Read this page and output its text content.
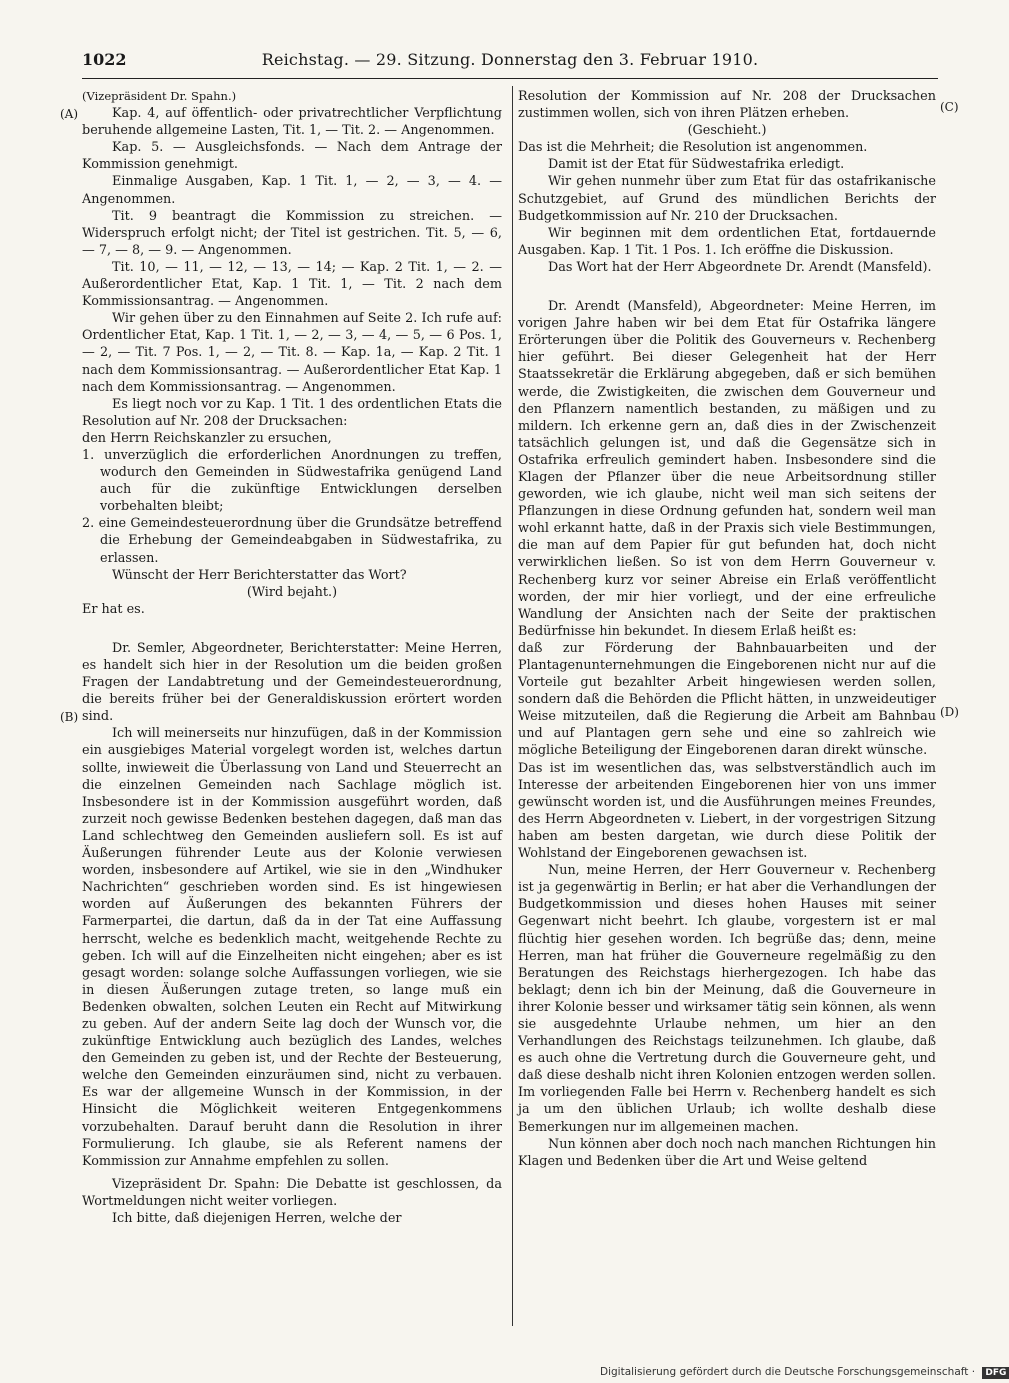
1022	Reichstag. — 29. Sitzung. Donnerstag den 3. Februar 1910.
(A)
(B)
(C)
(D)

(Vizepräsident Dr. Spahn.)

Kap. 4, auf öffentlich- oder privatrechtlicher Verpflichtung beruhende allgemeine Lasten, Tit. 1, — Tit. 2. — Angenommen.

Kap. 5. — Ausgleichsfonds. — Nach dem Antrage der Kommission genehmigt.

Einmalige Ausgaben, Kap. 1 Tit. 1, — 2, — 3, — 4. — Angenommen.

Tit. 9 beantragt die Kommission zu streichen. — Widerspruch erfolgt nicht; der Titel ist gestrichen. Tit. 5, — 6, — 7, — 8, — 9. — Angenommen.

Tit. 10, — 11, — 12, — 13, — 14; — Kap. 2 Tit. 1, — 2. — Außerordentlicher Etat, Kap. 1 Tit. 1, — Tit. 2 nach dem Kommissionsantrag. — Angenommen.

Wir gehen über zu den Einnahmen auf Seite 2. Ich rufe auf: Ordentlicher Etat, Kap. 1 Tit. 1, — 2, — 3, — 4, — 5, — 6 Pos. 1, — 2, — Tit. 7 Pos. 1, — 2, — Tit. 8. — Kap. 1a, — Kap. 2 Tit. 1 nach dem Kommissionsantrag. — Außerordentlicher Etat Kap. 1 nach dem Kommissionsantrag. — Angenommen.

Es liegt noch vor zu Kap. 1 Tit. 1 des ordentlichen Etats die Resolution auf Nr. 208 der Drucksachen:

den Herrn Reichskanzler zu ersuchen,

1. unverzüglich die erforderlichen Anordnungen zu treffen, wodurch den Gemeinden in Südwestafrika genügend Land auch für die zukünftige Entwicklungen derselben vorbehalten bleibt;

2. eine Gemeindesteuerordnung über die Grundsätze betreffend die Erhebung der Gemeindeabgaben in Südwestafrika, zu erlassen.

Wünscht der Herr Berichterstatter das Wort?

(Wird bejaht.)

Er hat es.

Dr. Semler, Abgeordneter, Berichterstatter: Meine Herren, es handelt sich hier in der Resolution um die beiden großen Fragen der Landabtretung und der Gemeindesteuerordnung, die bereits früher bei der Generaldiskussion erörtert worden sind.

Ich will meinerseits nur hinzufügen, daß in der Kommission ein ausgiebiges Material vorgelegt worden ist, welches dartun sollte, inwieweit die Überlassung von Land und Steuerrecht an die einzelnen Gemeinden nach Sachlage möglich ist. Insbesondere ist in der Kommission ausgeführt worden, daß zurzeit noch gewisse Bedenken bestehen dagegen, daß man das Land schlechtweg den Gemeinden ausliefern soll. Es ist auf Äußerungen führender Leute aus der Kolonie verwiesen worden, insbesondere auf Artikel, wie sie in den „Windhuker Nachrichten“ geschrieben worden sind. Es ist hingewiesen worden auf Äußerungen des bekannten Führers der Farmerpartei, die dartun, daß da in der Tat eine Auffassung herrscht, welche es bedenklich macht, weitgehende Rechte zu geben. Ich will auf die Einzelheiten nicht eingehen; aber es ist gesagt worden: solange solche Auffassungen vorliegen, wie sie in diesen Äußerungen zutage treten, so lange muß ein Bedenken obwalten, solchen Leuten ein Recht auf Mitwirkung zu geben. Auf der andern Seite lag doch der Wunsch vor, die zukünftige Entwicklung auch bezüglich des Landes, welches den Gemeinden zu geben ist, und der Rechte der Besteuerung, welche den Gemeinden einzuräumen sind, nicht zu verbauen. Es war der allgemeine Wunsch in der Kommission, in der Hinsicht die Möglichkeit weiteren Entgegenkommens vorzubehalten. Darauf beruht dann die Resolution in ihrer Formulierung. Ich glaube, sie als Referent namens der Kommission zur Annahme empfehlen zu sollen.

Vizepräsident Dr. Spahn: Die Debatte ist geschlossen, da Wortmeldungen nicht weiter vorliegen.

Ich bitte, daß diejenigen Herren, welche der

Resolution der Kommission auf Nr. 208 der Drucksachen zustimmen wollen, sich von ihren Plätzen erheben.

(Geschieht.)

Das ist die Mehrheit; die Resolution ist angenommen.

Damit ist der Etat für Südwestafrika erledigt.

Wir gehen nunmehr über zum Etat für das ostafrikanische Schutzgebiet, auf Grund des mündlichen Berichts der Budgetkommission auf Nr. 210 der Drucksachen.

Wir beginnen mit dem ordentlichen Etat, fortdauernde Ausgaben. Kap. 1 Tit. 1 Pos. 1. Ich eröffne die Diskussion.

Das Wort hat der Herr Abgeordnete Dr. Arendt (Mansfeld).

Dr. Arendt (Mansfeld), Abgeordneter: Meine Herren, im vorigen Jahre haben wir bei dem Etat für Ostafrika längere Erörterungen über die Politik des Gouverneurs v. Rechenberg hier geführt. Bei dieser Gelegenheit hat der Herr Staatssekretär die Erklärung abgegeben, daß er sich bemühen werde, die Zwistigkeiten, die zwischen dem Gouverneur und den Pflanzern namentlich bestanden, zu mäßigen und zu mildern. Ich erkenne gern an, daß dies in der Zwischenzeit tatsächlich gelungen ist, und daß die Gegensätze sich in Ostafrika erfreulich gemindert haben. Insbesondere sind die Klagen der Pflanzer über die neue Arbeitsordnung stiller geworden, wie ich glaube, nicht weil man sich seitens der Pflanzungen in diese Ordnung gefunden hat, sondern weil man wohl erkannt hatte, daß in der Praxis sich viele Bestimmungen, die man auf dem Papier für gut befunden hat, doch nicht verwirklichen ließen. So ist von dem Herrn Gouverneur v. Rechenberg kurz vor seiner Abreise ein Erlaß veröffentlicht worden, der mir hier vorliegt, und der eine erfreuliche Wandlung der Ansichten nach der Seite der praktischen Bedürfnisse hin bekundet. In diesem Erlaß heißt es:

daß zur Förderung der Bahnbauarbeiten und der Plantagenunternehmungen die Eingeborenen nicht nur auf die Vorteile gut bezahlter Arbeit hingewiesen werden sollen, sondern daß die Behörden die Pflicht hätten, in unzweideutiger Weise mitzuteilen, daß die Regierung die Arbeit am Bahnbau und auf Plantagen gern sehe und eine so zahlreich wie mögliche Beteiligung der Eingeborenen daran direkt wünsche.

Das ist im wesentlichen das, was selbstverständlich auch im Interesse der arbeitenden Eingeborenen hier von uns immer gewünscht worden ist, und die Ausführungen meines Freundes, des Herrn Abgeordneten v. Liebert, in der vorgestrigen Sitzung haben am besten dargetan, wie durch diese Politik der Wohlstand der Eingeborenen gewachsen ist.

Nun, meine Herren, der Herr Gouverneur v. Rechenberg ist ja gegenwärtig in Berlin; er hat aber die Verhandlungen der Budgetkommission und dieses hohen Hauses mit seiner Gegenwart nicht beehrt. Ich glaube, vorgestern ist er mal flüchtig hier gesehen worden. Ich begrüße das; denn, meine Herren, man hat früher die Gouverneure regelmäßig zu den Beratungen des Reichstags hierhergezogen. Ich habe das beklagt; denn ich bin der Meinung, daß die Gouverneure in ihrer Kolonie besser und wirksamer tätig sein können, als wenn sie ausgedehnte Urlaube nehmen, um hier an den Verhandlungen des Reichstags teilzunehmen. Ich glaube, daß es auch ohne die Vertretung durch die Gouverneure geht, und daß diese deshalb nicht ihren Kolonien entzogen werden sollen. Im vorliegenden Falle bei Herrn v. Rechenberg handelt es sich ja um den üblichen Urlaub; ich wollte deshalb diese Bemerkungen nur im allgemeinen machen.

Nun können aber doch noch nach manchen Richtungen hin Klagen und Bedenken über die Art und Weise geltend

Digitalisierung gefördert durch die Deutsche Forschungsgemeinschaft · DFG
